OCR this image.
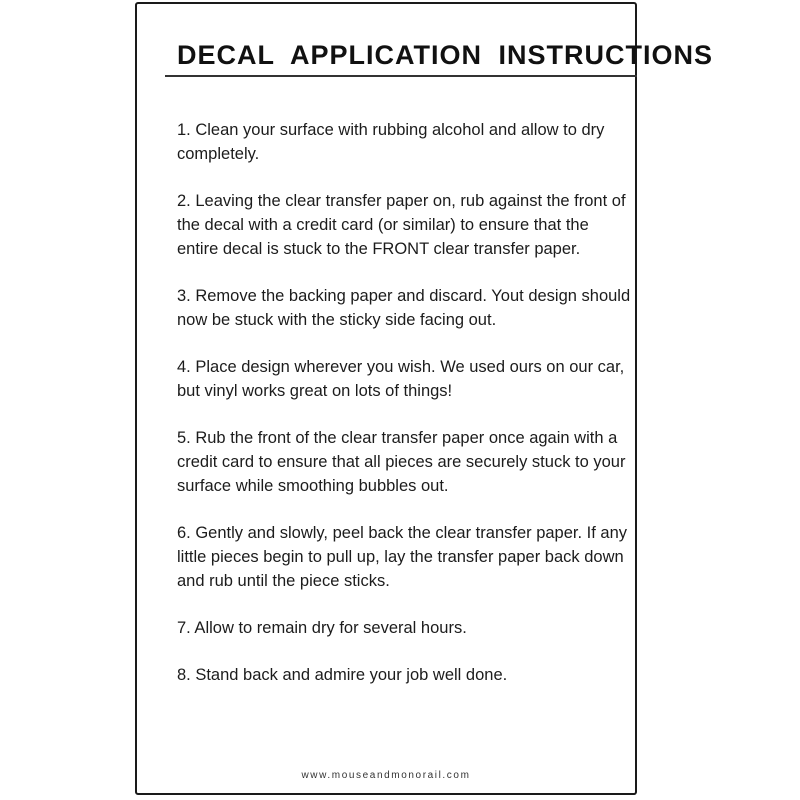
DECAL APPLICATION INSTRUCTIONS
1. Clean your surface with rubbing alcohol and allow to dry completely.
2. Leaving the clear transfer paper on, rub against the front of the decal with a credit card (or similar) to ensure that the entire decal is stuck to the FRONT clear transfer paper.
3. Remove the backing paper and discard. Yout design should now be stuck with the sticky side facing out.
4. Place design wherever you wish. We used ours on our car, but vinyl works great on lots of things!
5. Rub the front of the clear transfer paper once again with a credit card to ensure that all pieces are securely stuck to your surface while smoothing bubbles out.
6. Gently and slowly, peel back the clear transfer paper. If any little pieces begin to pull up, lay the transfer paper back down and rub until the piece sticks.
7. Allow to remain dry for several hours.
8. Stand back and admire your job well done.
www.mouseandmonorail.com
